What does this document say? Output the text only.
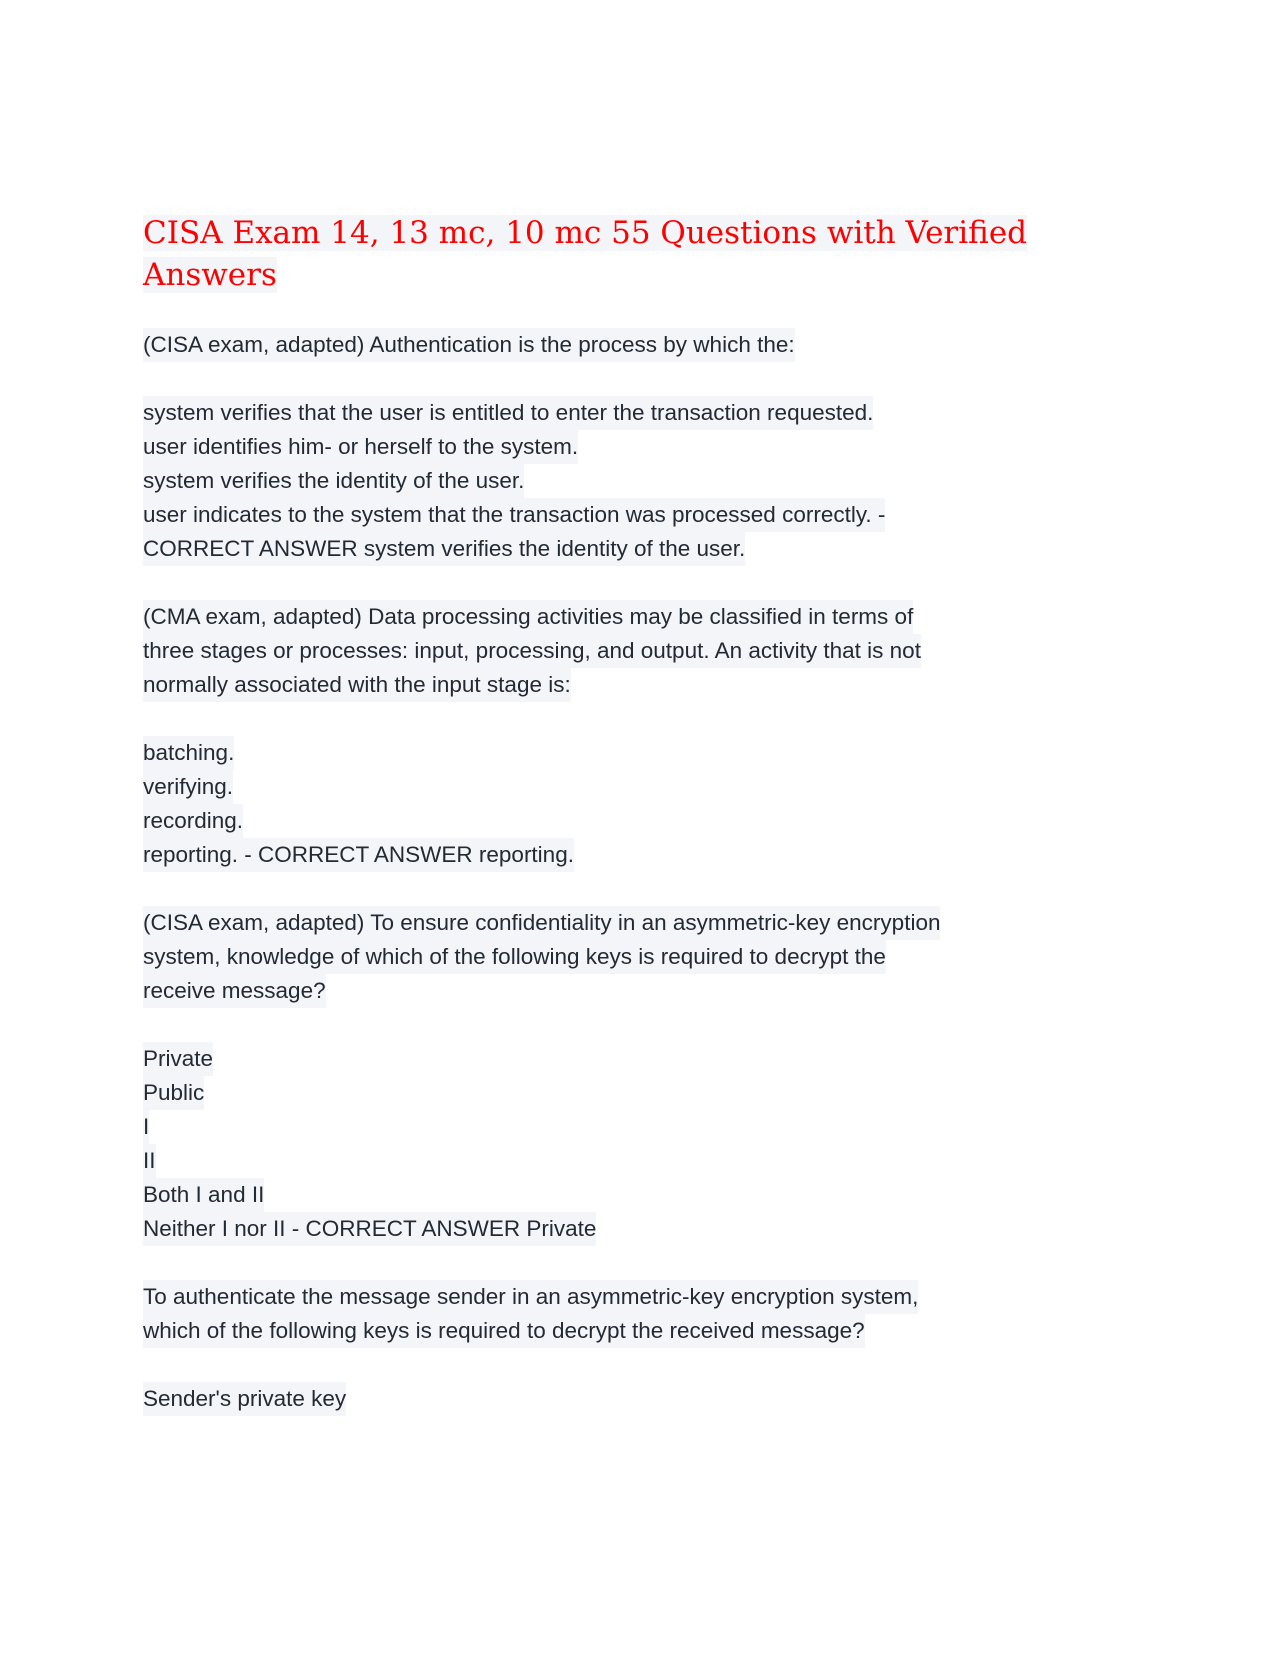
CISA Exam 14, 13 mc, 10 mc 55 Questions with Verified
Answers
(CISA exam, adapted) Authentication is the process by which the:
system verifies that the user is entitled to enter the transaction requested.
user identifies him- or herself to the system.
system verifies the identity of the user.
user indicates to the system that the transaction was processed correctly. -
CORRECT ANSWER system verifies the identity of the user.
(CMA exam, adapted) Data processing activities may be classified in terms of
three stages or processes: input, processing, and output. An activity that is not
normally associated with the input stage is:
batching.
verifying.
recording.
reporting. - CORRECT ANSWER reporting.
(CISA exam, adapted) To ensure confidentiality in an asymmetric-key encryption
system, knowledge of which of the following keys is required to decrypt the
receive message?
Private
Public
I
II
Both I and II
Neither I nor II - CORRECT ANSWER Private
To authenticate the message sender in an asymmetric-key encryption system,
which of the following keys is required to decrypt the received message?
Sender's private key
